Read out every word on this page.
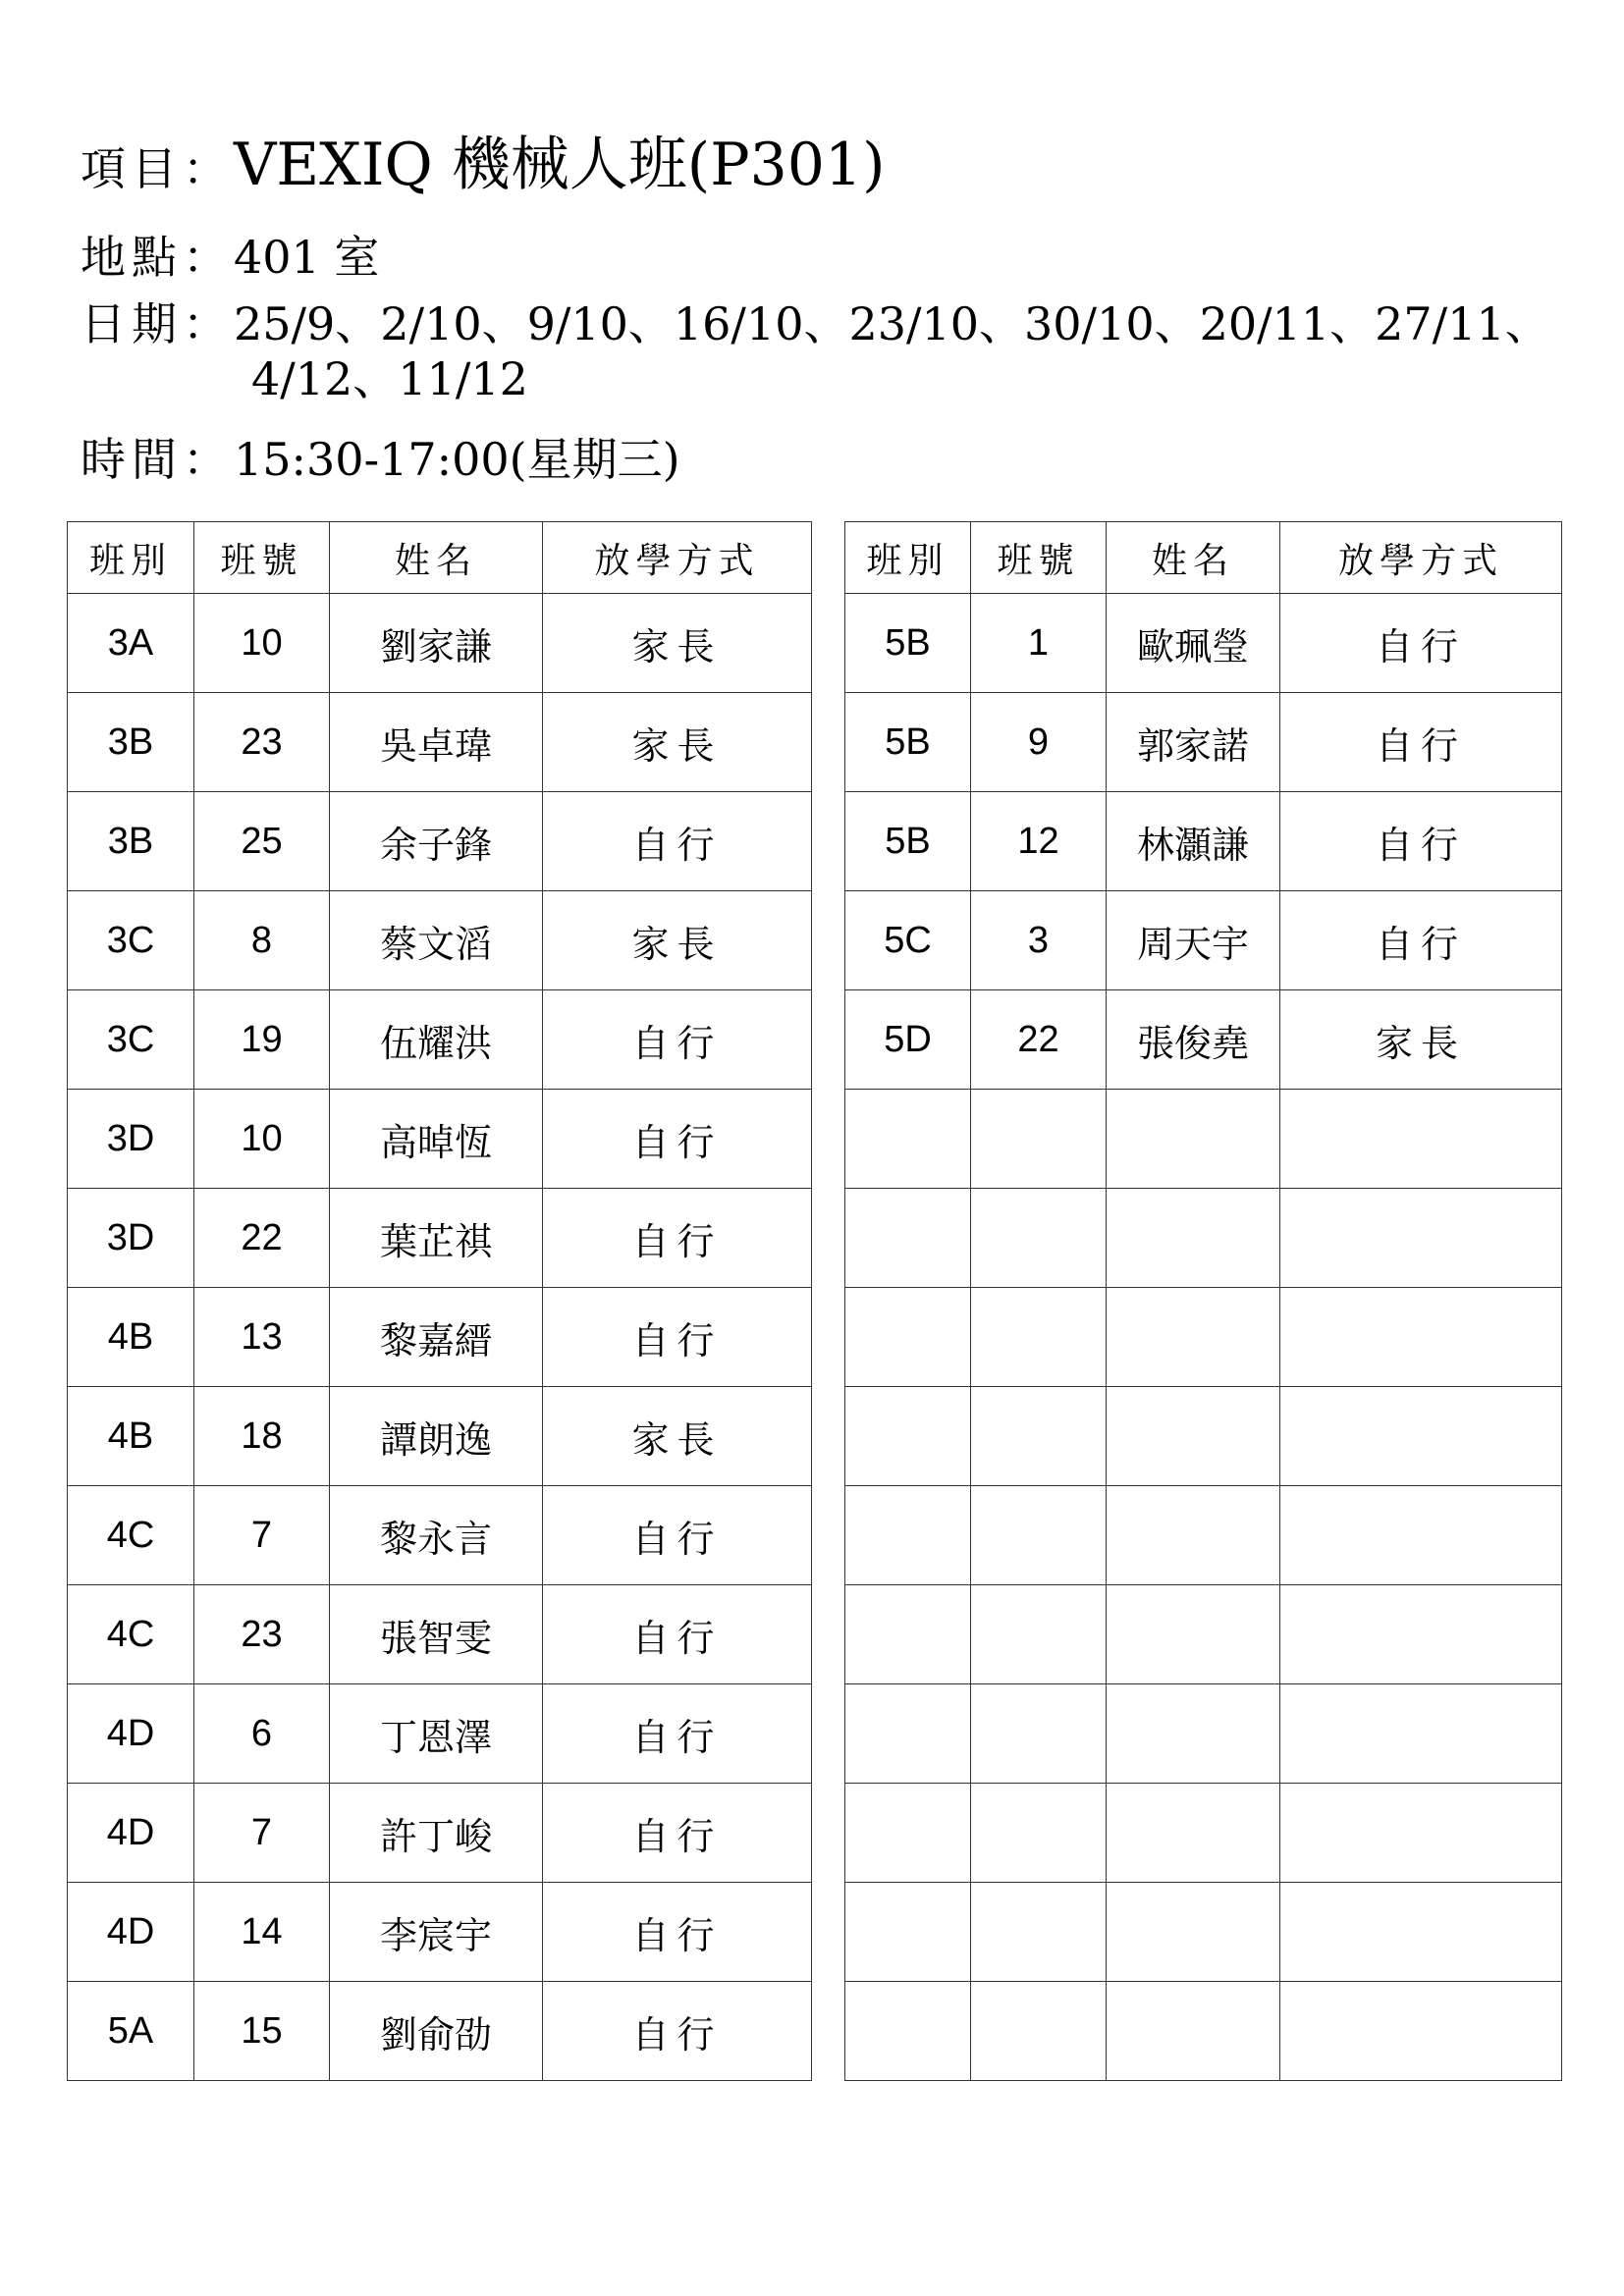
項目： VEXIQ 機械人班(P301)
地點： 401 室
日期： 25/9、2/10、9/10、16/10、23/10、30/10、20/11、27/11、
4/12、11/12
時間： 15:30-17:00(星期三)
班別	班號	姓名	放學方式
3A	10	劉家謙	家長
3B	23	吳卓瑋	家長
3B	25	余子鋒	自行
3C	8	蔡文滔	家長
3C	19	伍耀洪	自行
3D	10	高晫恆	自行
3D	22	葉芷祺	自行
4B	13	黎嘉縉	自行
4B	18	譚朗逸	家長
4C	7	黎永言	自行
4C	23	張智雯	自行
4D	6	丁恩澤	自行
4D	7	許丁峻	自行
4D	14	李宸宇	自行
5A	15	劉俞劭	自行
班別	班號	姓名	放學方式
5B	1	歐珮瑩	自行
5B	9	郭家諾	自行
5B	12	林灝謙	自行
5C	3	周天宇	自行
5D	22	張俊堯	家長
